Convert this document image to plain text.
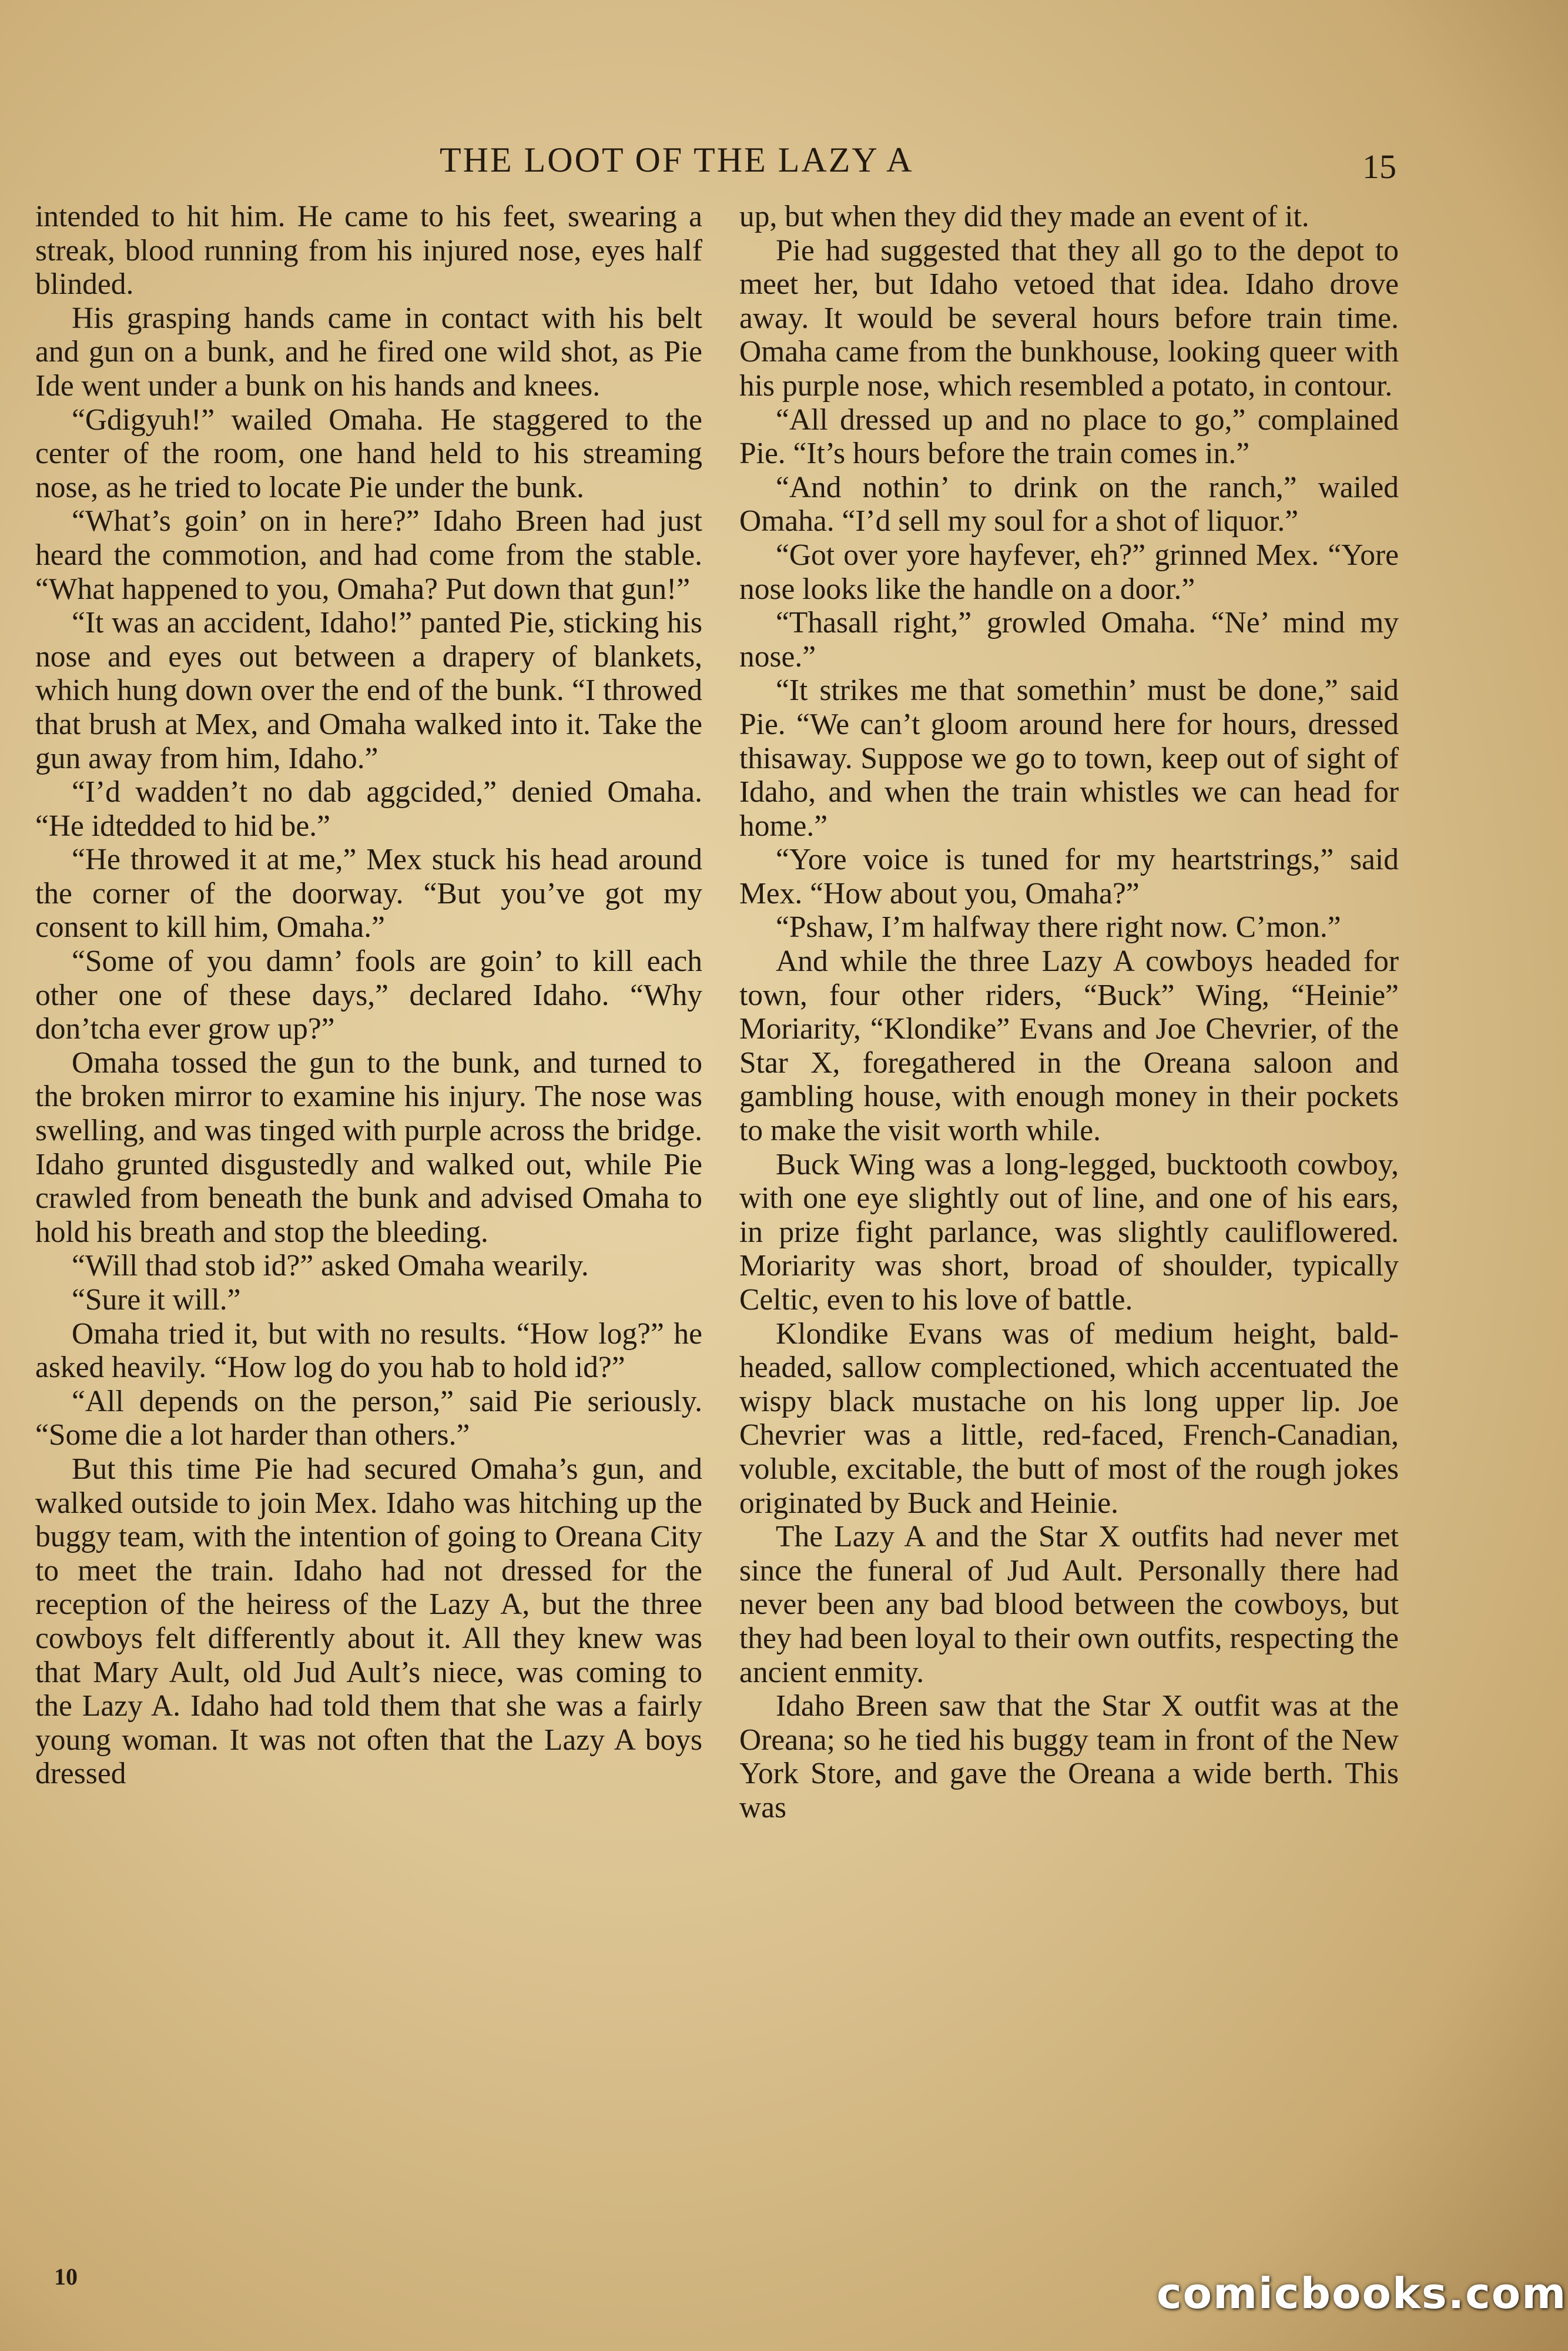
THE LOOT OF THE LAZY A	15

intended to hit him. He came to his feet, swearing a streak, blood running from his injured nose, eyes half blinded.

His grasping hands came in contact with his belt and gun on a bunk, and he fired one wild shot, as Pie Ide went under a bunk on his hands and knees.

“Gdigyuh!” wailed Omaha. He staggered to the center of the room, one hand held to his streaming nose, as he tried to locate Pie under the bunk.

“What’s goin’ on in here?” Idaho Breen had just heard the commotion, and had come from the stable. “What happened to you, Omaha? Put down that gun!”

“It was an accident, Idaho!” panted Pie, sticking his nose and eyes out between a drapery of blankets, which hung down over the end of the bunk. “I throwed that brush at Mex, and Omaha walked into it. Take the gun away from him, Idaho.”

“I’d wadden’t no dab aggcided,” denied Omaha. “He idtedded to hid be.”

“He throwed it at me,” Mex stuck his head around the corner of the doorway. “But you’ve got my consent to kill him, Omaha.”

“Some of you damn’ fools are goin’ to kill each other one of these days,” declared Idaho. “Why don’tcha ever grow up?”

Omaha tossed the gun to the bunk, and turned to the broken mirror to examine his injury. The nose was swelling, and was tinged with purple across the bridge. Idaho grunted disgustedly and walked out, while Pie crawled from beneath the bunk and advised Omaha to hold his breath and stop the bleeding.

“Will thad stob id?” asked Omaha wearily.

“Sure it will.”

Omaha tried it, but with no results. “How log?” he asked heavily. “How log do you hab to hold id?”

“All depends on the person,” said Pie seriously. “Some die a lot harder than others.”

But this time Pie had secured Omaha’s gun, and walked outside to join Mex. Idaho was hitching up the buggy team, with the intention of going to Oreana City to meet the train. Idaho had not dressed for the reception of the heiress of the Lazy A, but the three cowboys felt differently about it. All they knew was that Mary Ault, old Jud Ault’s niece, was coming to the Lazy A. Idaho had told them that she was a fairly young woman. It was not often that the Lazy A boys dressed

up, but when they did they made an event of it.

Pie had suggested that they all go to the depot to meet her, but Idaho vetoed that idea. Idaho drove away. It would be several hours before train time. Omaha came from the bunkhouse, looking queer with his purple nose, which resembled a potato, in contour.

“All dressed up and no place to go,” complained Pie. “It’s hours before the train comes in.”

“And nothin’ to drink on the ranch,” wailed Omaha. “I’d sell my soul for a shot of liquor.”

“Got over yore hayfever, eh?” grinned Mex. “Yore nose looks like the handle on a door.”

“Thasall right,” growled Omaha. “Ne’ mind my nose.”

“It strikes me that somethin’ must be done,” said Pie. “We can’t gloom around here for hours, dressed thisaway. Suppose we go to town, keep out of sight of Idaho, and when the train whistles we can head for home.”

“Yore voice is tuned for my heartstrings,” said Mex. “How about you, Omaha?”

“Pshaw, I’m halfway there right now. C’mon.”

And while the three Lazy A cowboys headed for town, four other riders, “Buck” Wing, “Heinie” Moriarity, “Klondike” Evans and Joe Chevrier, of the Star X, foregathered in the Oreana saloon and gambling house, with enough money in their pockets to make the visit worth while.

Buck Wing was a long-legged, bucktooth cowboy, with one eye slightly out of line, and one of his ears, in prize fight parlance, was slightly cauliflowered. Moriarity was short, broad of shoulder, typically Celtic, even to his love of battle.

Klondike Evans was of medium height, bald-headed, sallow complectioned, which accentuated the wispy black mustache on his long upper lip. Joe Chevrier was a little, red-faced, French-Canadian, voluble, excitable, the butt of most of the rough jokes originated by Buck and Heinie.

The Lazy A and the Star X outfits had never met since the funeral of Jud Ault. Personally there had never been any bad blood between the cowboys, but they had been loyal to their own outfits, respecting the ancient enmity.

Idaho Breen saw that the Star X outfit was at the Oreana; so he tied his buggy team in front of the New York Store, and gave the Oreana a wide berth. This was

10	comicbooks.com
